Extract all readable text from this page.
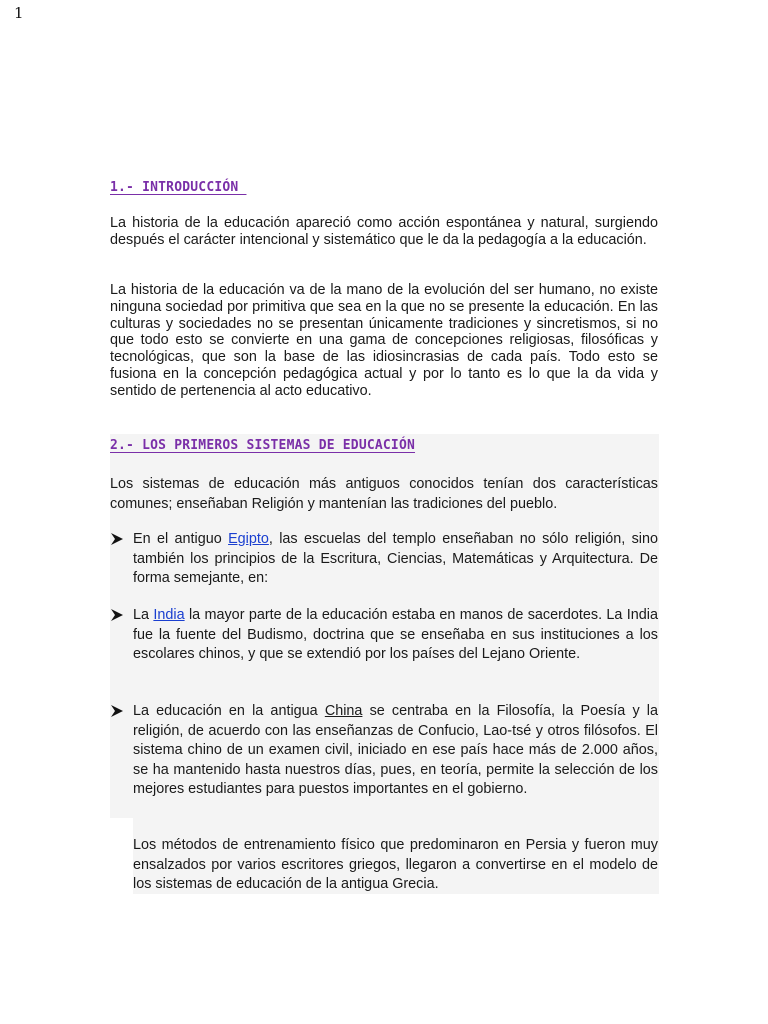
1
1.- INTRODUCCIÓN

La historia de la educación apareció como acción espontánea y natural, surgiendo después el carácter intencional y sistemático que le da la pedagogía a la educación.

La historia de la educación va de la mano de la evolución del ser humano, no existe ninguna sociedad por primitiva que sea en la que no se presente la educación. En las culturas y sociedades no se presentan únicamente tradiciones y sincretismos, si no que todo esto se convierte en una gama de concepciones religiosas, filosóficas y tecnológicas, que son la base de las idiosincrasias de cada país. Todo esto se fusiona en la concepción pedagógica actual y por lo tanto es lo que la da vida y sentido de pertenencia al acto educativo.

2.- LOS PRIMEROS SISTEMAS DE EDUCACIÓN

Los sistemas de educación más antiguos conocidos tenían dos características comunes; enseñaban Religión y mantenían las tradiciones del pueblo.

En el antiguo Egipto, las escuelas del templo enseñaban no sólo religión, sino también los principios de la Escritura, Ciencias, Matemáticas y Arquitectura. De forma semejante, en:
La India la mayor parte de la educación estaba en manos de sacerdotes. La India fue la fuente del Budismo, doctrina que se enseñaba en sus instituciones a los escolares chinos, y que se extendió por los países del Lejano Oriente.
La educación en la antigua China se centraba en la Filosofía, la Poesía y la religión, de acuerdo con las enseñanzas de Confucio, Lao-tsé y otros filósofos. El sistema chino de un examen civil, iniciado en ese país hace más de 2.000 años, se ha mantenido hasta nuestros días, pues, en teoría, permite la selección de los mejores estudiantes para puestos importantes en el gobierno.

Los métodos de entrenamiento físico que predominaron en Persia y fueron muy ensalzados por varios escritores griegos, llegaron a convertirse en el modelo de los sistemas de educación de la antigua Grecia.
